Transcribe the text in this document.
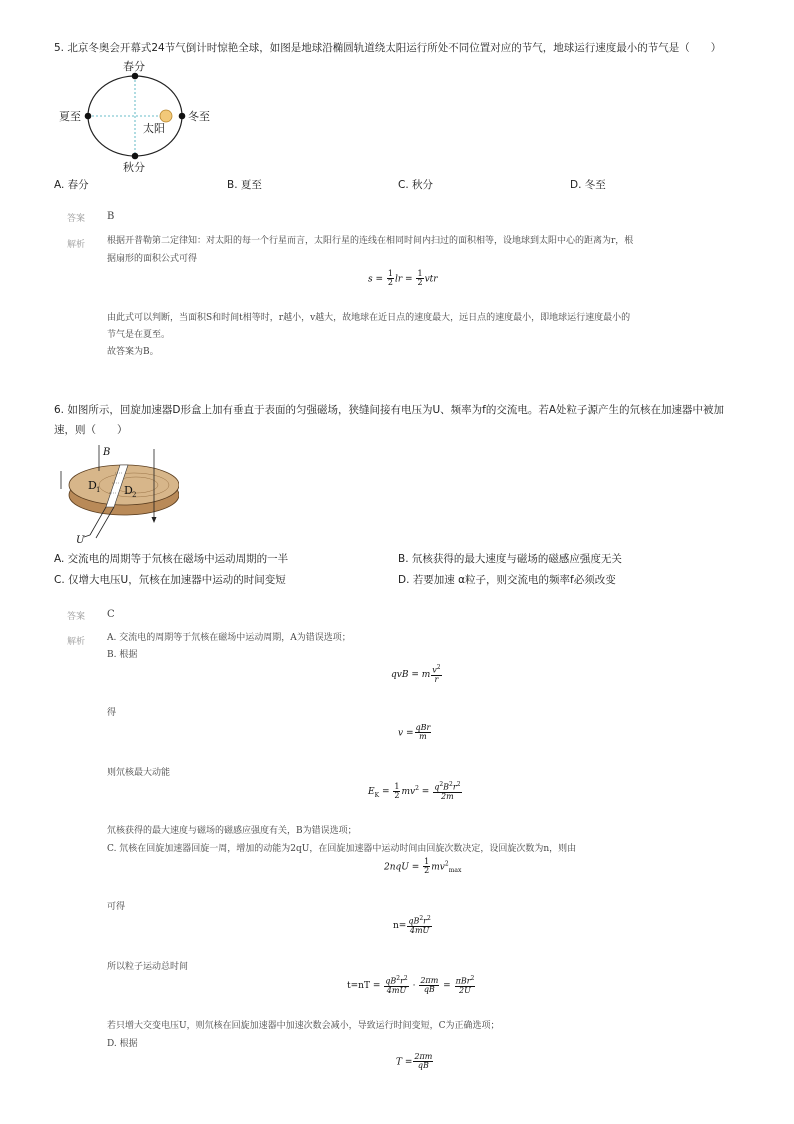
5. 北京冬奥会开幕式24节气倒计时惊艳全球，如图是地球沿椭圆轨道绕太阳运行所处不同位置对应的节气，地球运行速度最小的节气是（　　）
春分
秋分
夏至	冬至
太阳
A. 春分	B. 夏至	C. 秋分	D. 冬至
答案 B
解析 根据开普勒第二定律知：对太阳的每一个行星而言，太阳行星的连线在相同时间内扫过的面积相等，设地球到太阳中心的距离为r，根
据扇形的面积公式可得
$s = \frac{1}{2}$ lr = $\frac{1}{2}$ vtr
由此式可以判断，当面积S和时间t相等时，r越小，v越大，故地球在近日点的速度最大，远日点的速度最小，即地球运行速度最小的
节气是在夏至。
故答案为B。
6. 如图所示，回旋加速器D形盒上加有垂直于表面的匀强磁场，狭缝间接有电压为U、频率为f的交流电。若A处粒子源产生的氘核在加速器中被加
速，则（　　）
B
D 1 D 2
U
A. 交流电的周期等于氘核在磁场中运动周期的一半	B. 氘核获得的最大速度与磁场的磁感应强度无关
C. 仅增大电压U，氘核在加速器中运动的时间变短	D. 若要加速 α粒子，则交流电的频率f必须改变
答案 C
解析 A. 交流电的周期等于氘核在磁场中运动周期，A为错误选项；
B. 根据
qvB = m $\frac{v^2}{r}$
得
$v = \frac{\text{qBr}}{m}$
则氘核最大动能
$E_K = \frac{1}{2} mv^2 = \frac{q^2B^2r^2}{2m}$
氘核获得的最大速度与磁场的磁感应强度有关，B为错误选项；
C. 氘核在回旋加速器回旋一周，增加的动能为2qU，在回旋加速器中运动时间由回旋次数决定，设回旋次数为n，则由
$2nqU = \frac{1}{2} mv^2_{max}$
可得
$n= \frac{qB^2r^2}{4mU}$
所以粒子运动总时间
$t=nT = \frac{qB^2r^2}{4mU} \cdot \frac{2\pi m}{qB} = \frac{\pi Br^2}{2U}$
若只增大交变电压U，则氘核在回旋加速器中加速次数会减小，导致运行时间变短，C为正确选项；
D. 根据
$T = \frac{2\pi m}{qB}$
